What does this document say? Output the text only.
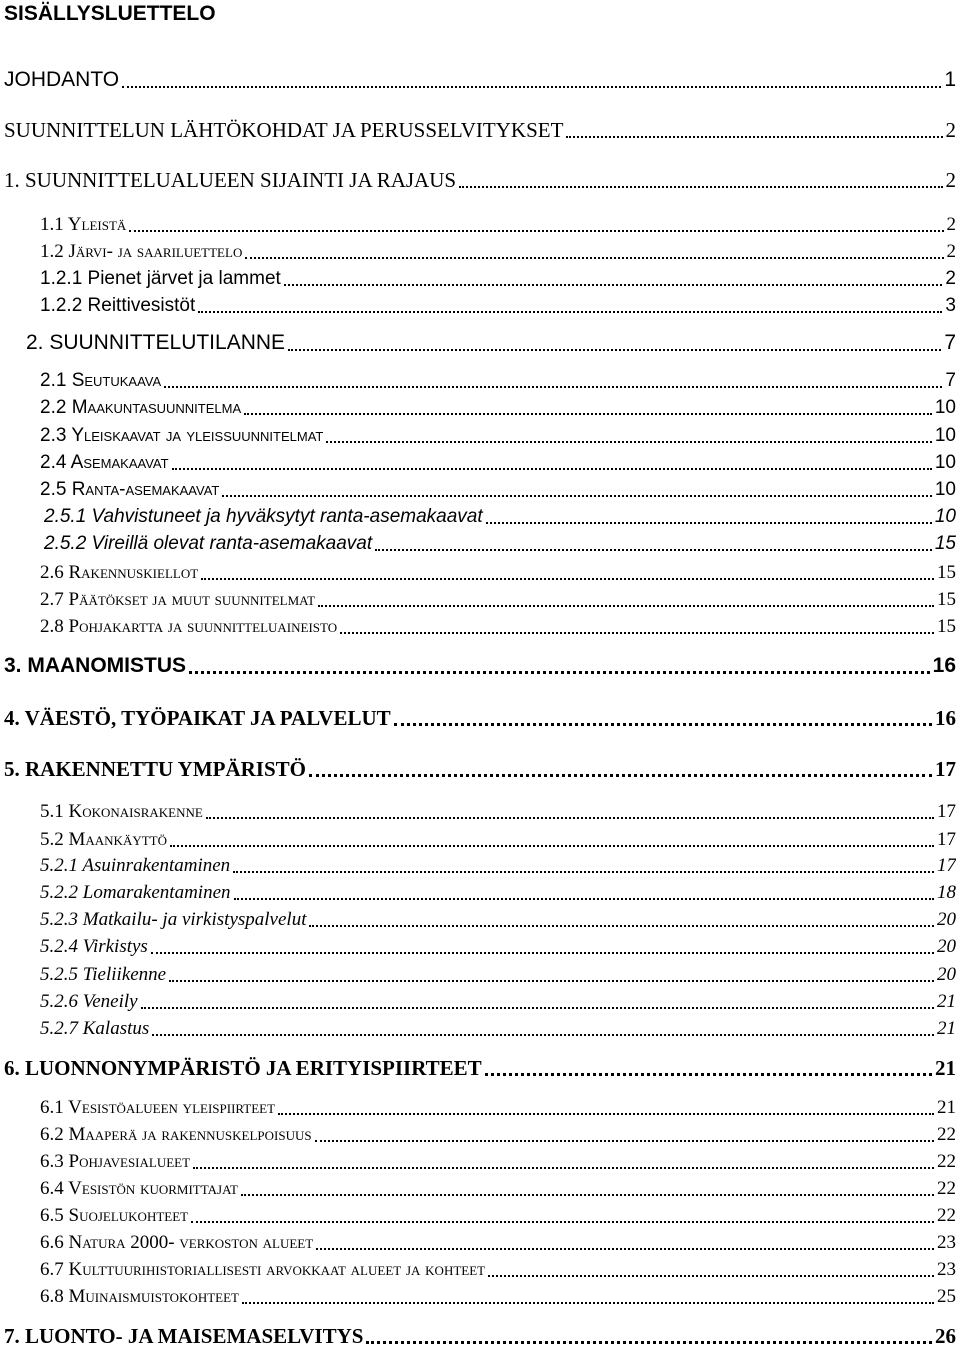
SISÄLLYSLUETTELO
JOHDANTO	1
SUUNNITTELUN LÄHTÖKOHDAT JA PERUSSELVITYKSET	2
1. SUUNNITTELUALUEEN SIJAINTI JA RAJAUS	2
1.1 Yleistä	2
1.2 Järvi- ja saariluettelo	2
1.2.1 Pienet järvet ja lammet	2
1.2.2 Reittivesistöt	3
2. SUUNNITTELUTILANNE	7
2.1 Seutukaava	7
2.2 Maakuntasuunnitelma	10
2.3 Yleiskaavat ja yleissuunnitelmat	10
2.4 Asemakaavat	10
2.5 Ranta-asemakaavat	10
2.5.1 Vahvistuneet ja hyväksytyt ranta-asemakaavat	10
2.5.2 Vireillä olevat ranta-asemakaavat	15
2.6 Rakennuskiellot	15
2.7 Päätökset ja muut suunnitelmat	15
2.8 Pohjakartta ja suunnitteluaineisto	15
3. MAANOMISTUS	16
4. VÄESTÖ, TYÖPAIKAT JA PALVELUT	16
5. RAKENNETTU YMPÄRISTÖ	17
5.1 Kokonaisrakenne	17
5.2 Maankäyttö	17
5.2.1 Asuinrakentaminen	17
5.2.2 Lomarakentaminen	18
5.2.3 Matkailu- ja virkistyspalvelut	20
5.2.4 Virkistys	20
5.2.5 Tieliikenne	20
5.2.6 Veneily	21
5.2.7 Kalastus	21
6. LUONNONYMPÄRISTÖ JA ERITYISPIIRTEET	21
6.1 Vesistöalueen yleispiirteet	21
6.2 Maaperä ja rakennuskelpoisuus	22
6.3 Pohjavesialueet	22
6.4 Vesistön kuormittajat	22
6.5 Suojelukohteet	22
6.6 Natura 2000- verkoston alueet	23
6.7 Kulttuurihistoriallisesti arvokkaat alueet ja kohteet	23
6.8 Muinaismuistokohteet	25
7. LUONTO- JA MAISEMASELVITYS	26
